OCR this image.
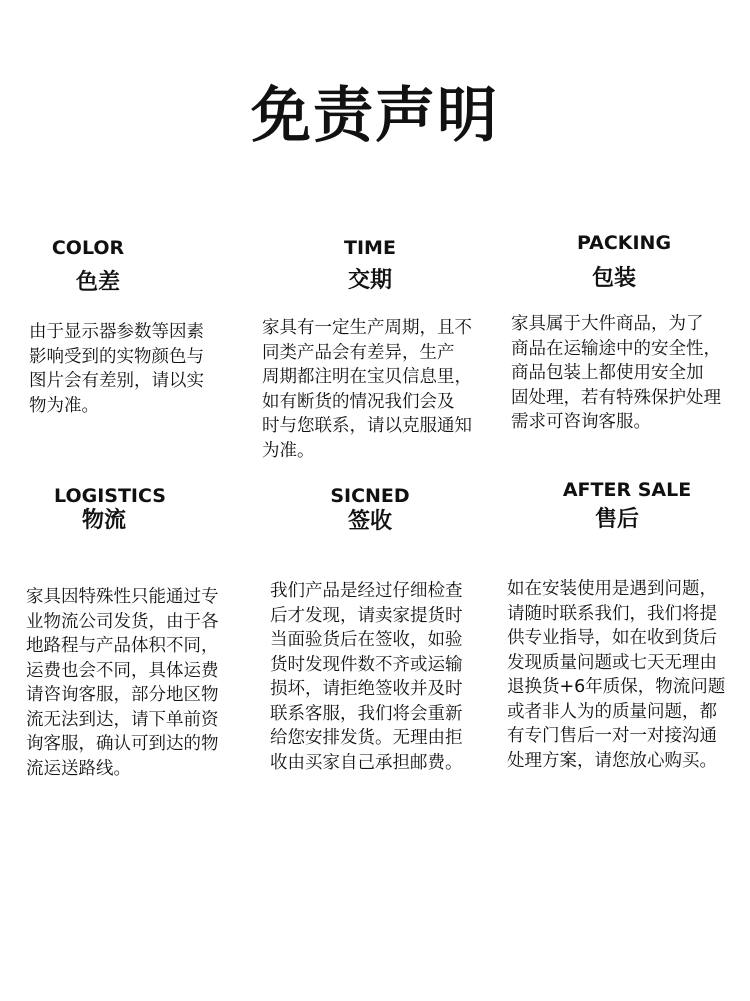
免责声明
COLOR
色差
由于显示器参数等因素
影响受到的实物颜色与
图片会有差别，请以实
物为准。
TIME
交期
家具有一定生产周期，且不
同类产品会有差异，生产
周期都注明在宝贝信息里，
如有断货的情况我们会及
时与您联系，请以克服通知
为准。
PACKING
包装
家具属于大件商品，为了
商品在运输途中的安全性，
商品包装上都使用安全加
固处理，若有特殊保护处理
需求可咨询客服。
LOGISTICS
物流
家具因特殊性只能通过专
业物流公司发货，由于各
地路程与产品体积不同，
运费也会不同，具体运费
请咨询客服，部分地区物
流无法到达，请下单前资
询客服，确认可到达的物
流运送路线。
SICNED
签收
我们产品是经过仔细检查
后才发现，请卖家提货时
当面验货后在签收，如验
货时发现件数不齐或运输
损坏，请拒绝签收并及时
联系客服，我们将会重新
给您安排发货。无理由拒
收由买家自己承担邮费。
AFTER SALE
售后
如在安装使用是遇到问题，
请随时联系我们，我们将提
供专业指导，如在收到货后
发现质量问题或七天无理由
退换货+6年质保，物流问题
或者非人为的质量问题，都
有专门售后一对一对接沟通
处理方案，请您放心购买。
